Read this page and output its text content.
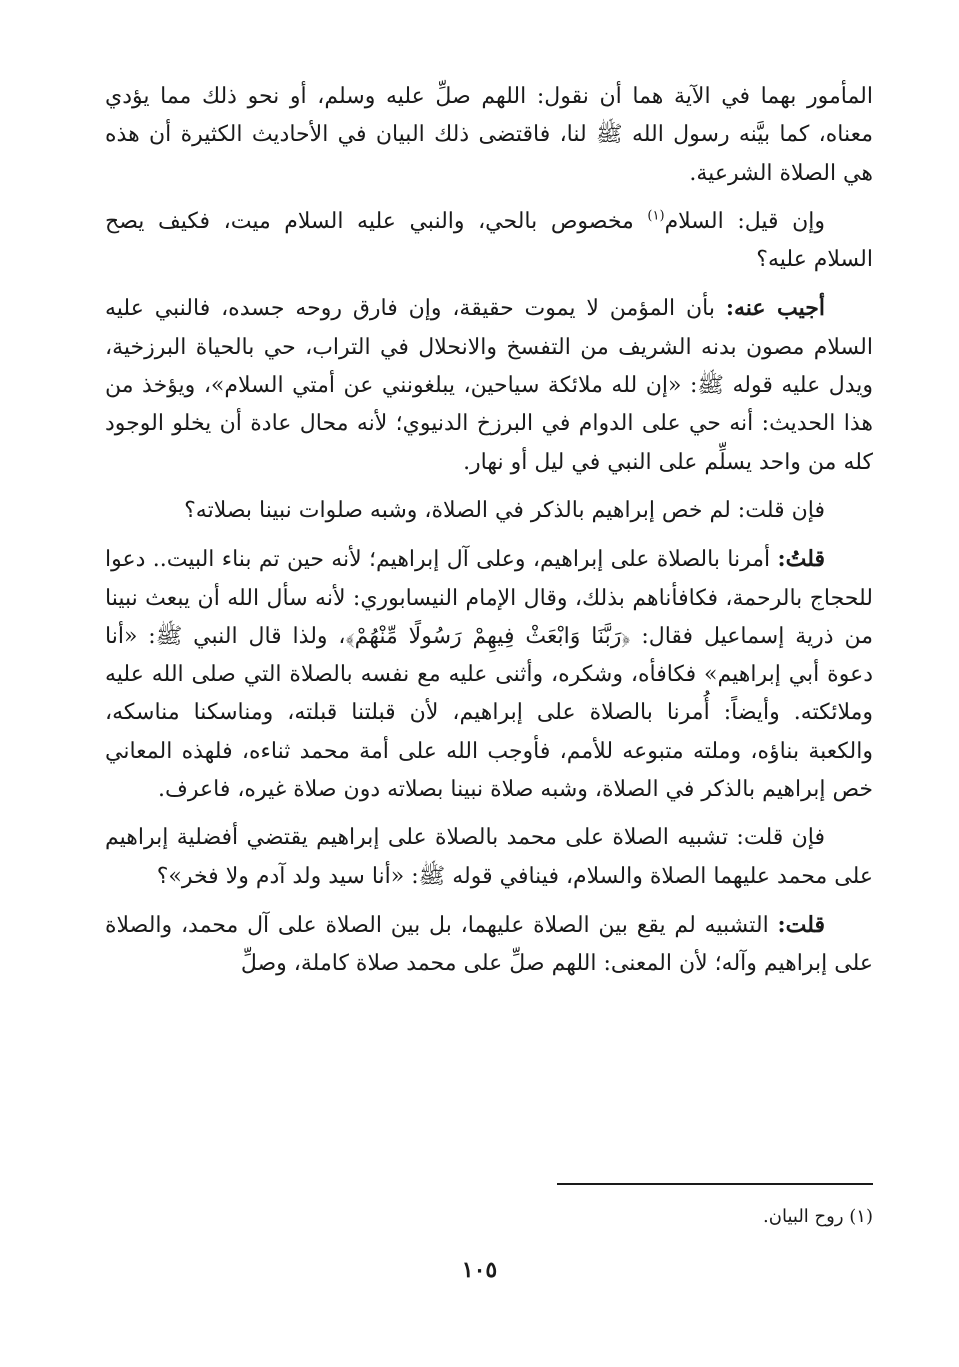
المأمور بهما في الآية هما أن نقول: اللهم صلِّ عليه وسلم، أو نحو ذلك مما يؤدي معناه، كما بيَّنه رسول الله ﷺ لنا، فاقتضى ذلك البيان في الأحاديث الكثيرة أن هذه هي الصلاة الشرعية.

وإن قيل: السلام$^{(١)}$ مخصوص بالحي، والنبي عليه السلام ميت، فكيف يصح السلام عليه؟

أجيب عنه: بأن المؤمن لا يموت حقيقة، وإن فارق روحه جسده، فالنبي عليه السلام مصون بدنه الشريف من التفسخ والانحلال في التراب، حي بالحياة البرزخية، ويدل عليه قوله ﷺ: «إن لله ملائكة سياحين، يبلغونني عن أمتي السلام»، ويؤخذ من هذا الحديث: أنه حي على الدوام في البرزخ الدنيوي؛ لأنه محال عادة أن يخلو الوجود كله من واحد يسلِّم على النبي في ليل أو نهار.

فإن قلت: لم خص إبراهيم بالذكر في الصلاة، وشبه صلوات نبينا بصلاته؟

قلتُ: أمرنا بالصلاة على إبراهيم، وعلى آل إبراهيم؛ لأنه حين تم بناء البيت.. دعوا للحجاج بالرحمة، فكافأناهم بذلك، وقال الإمام النيسابوري: لأنه سأل الله أن يبعث نبينا من ذرية إسماعيل فقال: ﴿رَبَّنَا وَابْعَثْ فِيهِمْ رَسُولًا مِّنْهُمْ﴾، ولذا قال النبي ﷺ: «أنا دعوة أبي إبراهيم» فكافأه، وشكره، وأثنى عليه مع نفسه بالصلاة التي صلى الله عليه وملائكته. وأيضاً: أُمرنا بالصلاة على إبراهيم، لأن قبلتنا قبلته، ومناسكنا مناسكه، والكعبة بناؤه، وملته متبوعه للأمم، فأوجب الله على أمة محمد ثناءه، فلهذه المعاني خص إبراهيم بالذكر في الصلاة، وشبه صلاة نبينا بصلاته دون صلاة غيره، فاعرف.

فإن قلت: تشبيه الصلاة على محمد بالصلاة على إبراهيم يقتضي أفضلية إبراهيم على محمد عليهما الصلاة والسلام، فينافي قوله ﷺ: «أنا سيد ولد آدم ولا فخر»؟

قلت: التشبيه لم يقع بين الصلاة عليهما، بل بين الصلاة على آل محمد، والصلاة على إبراهيم وآله؛ لأن المعنى: اللهم صلِّ على محمد صلاة كاملة، وصلِّ

(١) روح البيان.
١٠٥
